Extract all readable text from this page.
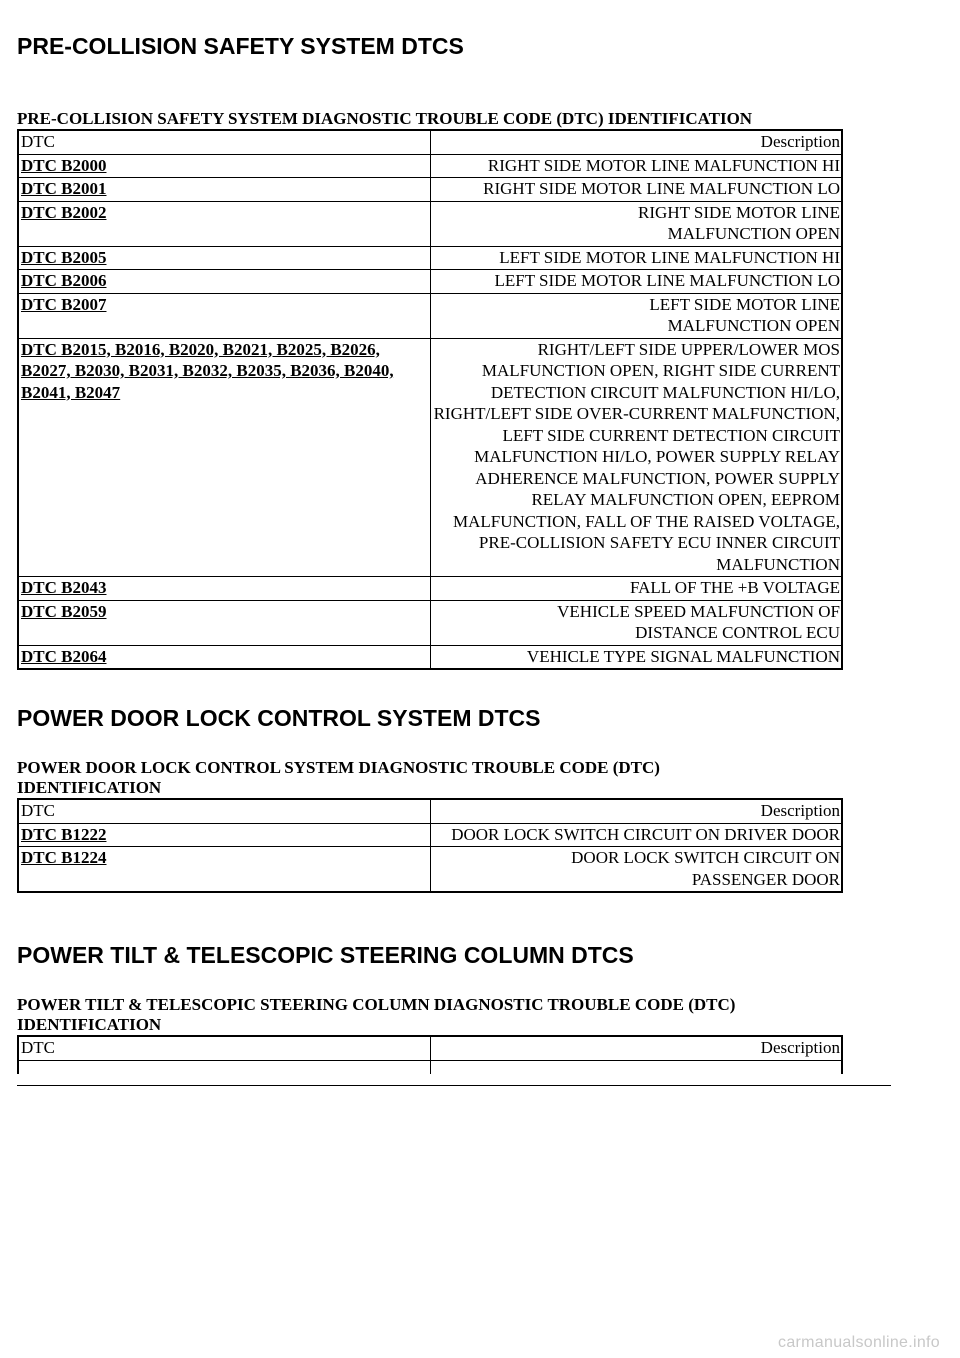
PRE-COLLISION SAFETY SYSTEM DTCS
PRE-COLLISION SAFETY SYSTEM DIAGNOSTIC TROUBLE CODE (DTC) IDENTIFICATION
DTC	Description
DTC B2000	RIGHT SIDE MOTOR LINE MALFUNCTION HI
DTC B2001	RIGHT SIDE MOTOR LINE MALFUNCTION LO
DTC B2002	RIGHT SIDE MOTOR LINE MALFUNCTION OPEN
DTC B2005	LEFT SIDE MOTOR LINE MALFUNCTION HI
DTC B2006	LEFT SIDE MOTOR LINE MALFUNCTION LO
DTC B2007	LEFT SIDE MOTOR LINE MALFUNCTION OPEN
DTC B2015, B2016, B2020, B2021, B2025, B2026, B2027, B2030, B2031, B2032, B2035, B2036, B2040, B2041, B2047	RIGHT/LEFT SIDE UPPER/LOWER MOS MALFUNCTION OPEN, RIGHT SIDE CURRENT DETECTION CIRCUIT MALFUNCTION HI/LO, RIGHT/LEFT SIDE OVER-CURRENT MALFUNCTION, LEFT SIDE CURRENT DETECTION CIRCUIT MALFUNCTION HI/LO, POWER SUPPLY RELAY ADHERENCE MALFUNCTION, POWER SUPPLY RELAY MALFUNCTION OPEN, EEPROM MALFUNCTION, FALL OF THE RAISED VOLTAGE, PRE-COLLISION SAFETY ECU INNER CIRCUIT MALFUNCTION
DTC B2043	FALL OF THE +B VOLTAGE
DTC B2059	VEHICLE SPEED MALFUNCTION OF DISTANCE CONTROL ECU
DTC B2064	VEHICLE TYPE SIGNAL MALFUNCTION
POWER DOOR LOCK CONTROL SYSTEM DTCS
POWER DOOR LOCK CONTROL SYSTEM DIAGNOSTIC TROUBLE CODE (DTC) IDENTIFICATION
DTC	Description
DTC B1222	DOOR LOCK SWITCH CIRCUIT ON DRIVER DOOR
DTC B1224	DOOR LOCK SWITCH CIRCUIT ON PASSENGER DOOR
POWER TILT & TELESCOPIC STEERING COLUMN DTCS
POWER TILT & TELESCOPIC STEERING COLUMN DIAGNOSTIC TROUBLE CODE (DTC) IDENTIFICATION
DTC	Description

carmanualsonline.info
